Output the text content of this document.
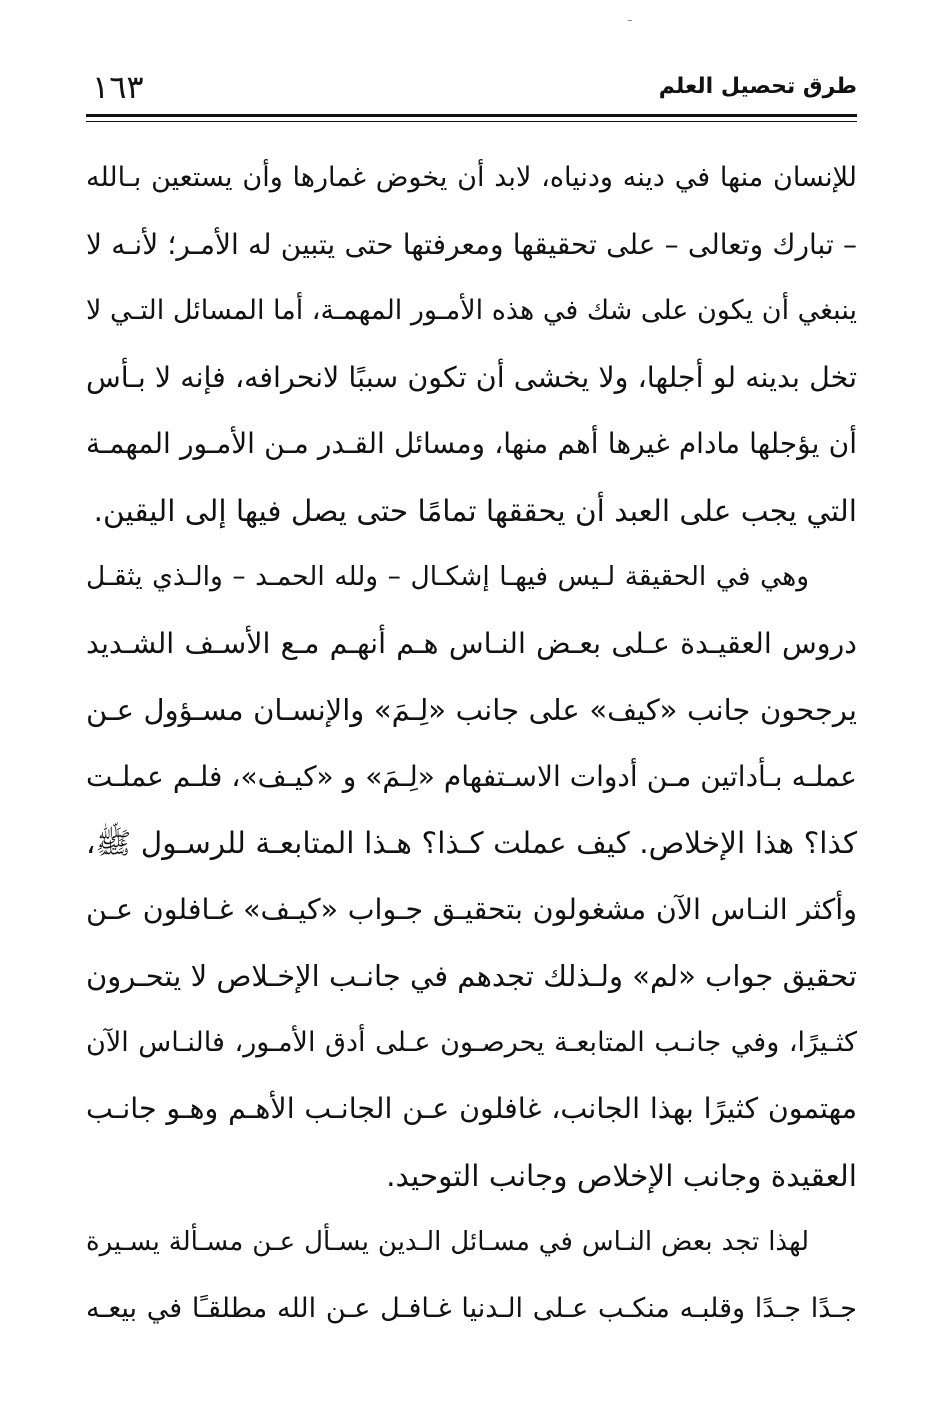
طرق تحصيل العلم
١٦٣
للإنسان منها في دينه ودنياه، لابد أن يخوض غمارها وأن يستعين بـالله
– تبارك وتعالى – على تحقيقها ومعرفتها حتى يتبين له الأمـر؛ لأنـه لا
ينبغي أن يكون على شك في هذه الأمـور المهمـة، أما المسائل التـي لا
تخل بدينه لو أجلها، ولا يخشى أن تكون سببًا لانحرافه، فإنه لا بـأس
أن يؤجلها مادام غيرها أهم منها، ومسائل القـدر مـن الأمـور المهمـة
التي يجب على العبد أن يحققها تمامًا حتى يصل فيها إلى اليقين.
وهي في الحقيقة لـيس فيهـا إشكـال – ولله الحمـد – والـذي يثقـل
دروس العقيـدة عـلى بعـض النـاس هـم أنهـم مـع الأسـف الشـديد
يرجحون جانب «كيف» على جانب «لِـمَ» والإنسـان مسـؤول عـن
عملـه بـأداتين مـن أدوات الاسـتفهام «لِـمَ» و «كيـف»، فلـم عملـت
كذا؟ هذا الإخلاص. كيف عملت كـذا؟ هـذا المتابعـة للرسـول ﷺ،
وأكثر النـاس الآن مشغولون بتحقيـق جـواب «كيـف» غـافلون عـن
تحقيق جواب «لم» ولـذلك تجدهم في جانـب الإخـلاص لا يتحـرون
كثـيرًا، وفي جانـب المتابعـة يحرصـون عـلى أدق الأمـور، فالنـاس الآن
مهتمون كثيرًا بهذا الجانب، غافلون عـن الجانـب الأهـم وهـو جانـب
العقيدة وجانب الإخلاص وجانب التوحيد.
لهذا تجد بعض النـاس في مسـائل الـدين يسـأل عـن مسـألة يسـيرة
جـدًا جـدًا وقلبـه منكـب عـلى الـدنيا غـافـل عـن الله مطلقـًا في بيعـه
